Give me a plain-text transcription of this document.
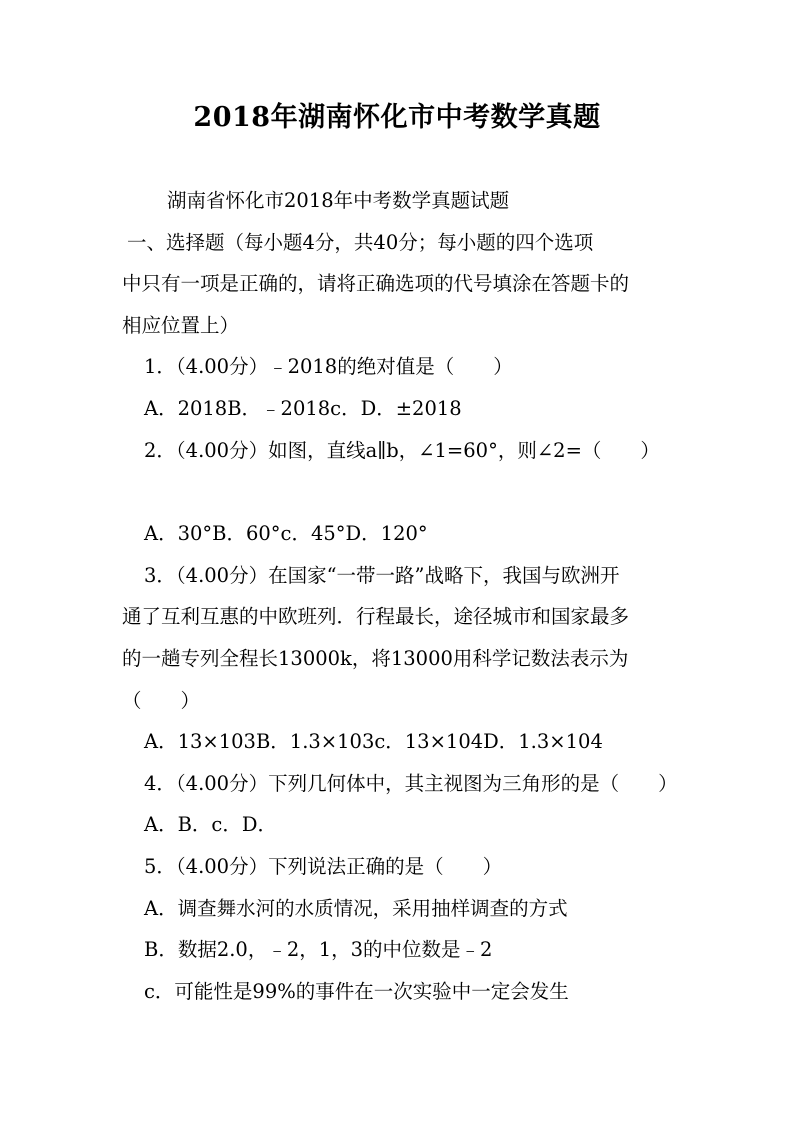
2018年湖南怀化市中考数学真题
湖南省怀化市2018年中考数学真题试题
一、选择题（每小题4分，共40分；每小题的四个选项
中只有一项是正确的，请将正确选项的代号填涂在答题卡的
相应位置上）
1．（4.00分）﹣2018的绝对值是（　　）
A．2018B．﹣2018c．D．±2018
2．（4.00分）如图，直线a∥b，∠1=60°，则∠2=（　　）
A．30°B．60°c．45°D．120°
3．（4.00分）在国家“一带一路”战略下，我国与欧洲开
通了互利互惠的中欧班列．行程最长，途径城市和国家最多
的一趟专列全程长13000k，将13000用科学记数法表示为
（　　）
A．13×103B．1.3×103c．13×104D．1.3×104
4．（4.00分）下列几何体中，其主视图为三角形的是（　　）
A．B．c．D．
5．（4.00分）下列说法正确的是（　　）
A．调查舞水河的水质情况，采用抽样调查的方式
B．数据2.0，﹣2，1，3的中位数是﹣2
c．可能性是99%的事件在一次实验中一定会发生
